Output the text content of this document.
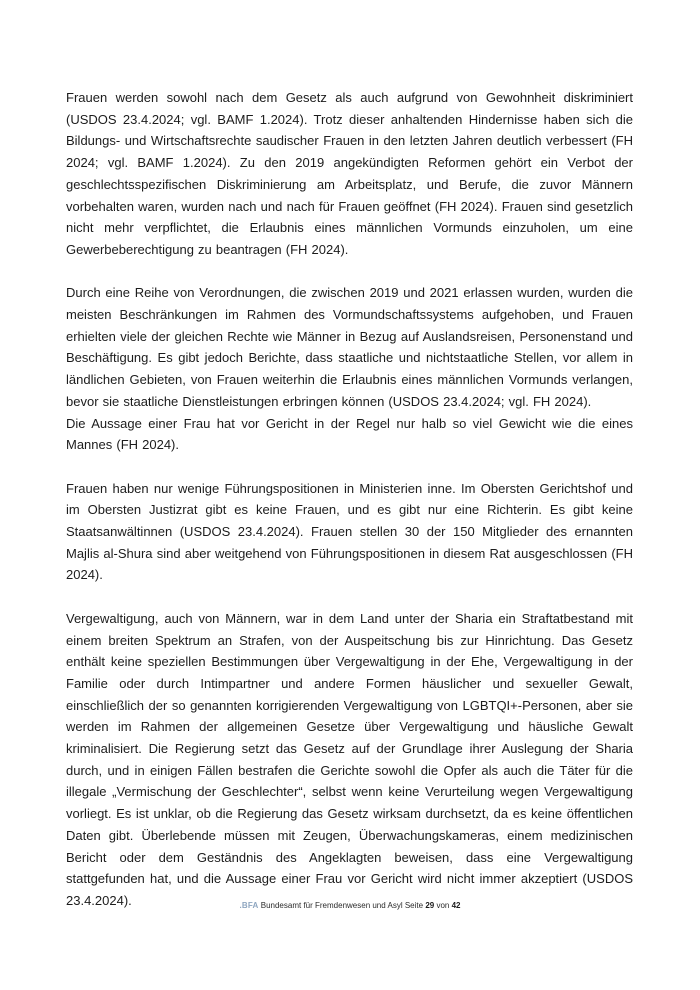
Frauen werden sowohl nach dem Gesetz als auch aufgrund von Gewohnheit diskriminiert (USDOS 23.4.2024; vgl. BAMF 1.2024). Trotz dieser anhaltenden Hindernisse haben sich die Bildungs- und Wirtschaftsrechte saudischer Frauen in den letzten Jahren deutlich verbessert (FH 2024; vgl. BAMF 1.2024). Zu den 2019 angekündigten Reformen gehört ein Verbot der geschlechtsspezifischen Diskriminierung am Arbeitsplatz, und Berufe, die zuvor Männern vorbehalten waren, wurden nach und nach für Frauen geöffnet (FH 2024). Frauen sind gesetzlich nicht mehr verpflichtet, die Erlaubnis eines männlichen Vormunds einzuholen, um eine Gewerbeberechtigung zu beantragen (FH 2024).

Durch eine Reihe von Verordnungen, die zwischen 2019 und 2021 erlassen wurden, wurden die meisten Beschränkungen im Rahmen des Vormundschaftssystems aufgehoben, und Frauen erhielten viele der gleichen Rechte wie Männer in Bezug auf Auslandsreisen, Personenstand und Beschäftigung. Es gibt jedoch Berichte, dass staatliche und nichtstaatliche Stellen, vor allem in ländlichen Gebieten, von Frauen weiterhin die Erlaubnis eines männlichen Vormunds verlangen, bevor sie staatliche Dienstleistungen erbringen können (USDOS 23.4.2024; vgl. FH 2024).

Die Aussage einer Frau hat vor Gericht in der Regel nur halb so viel Gewicht wie die eines Mannes (FH 2024).

Frauen haben nur wenige Führungspositionen in Ministerien inne. Im Obersten Gerichtshof und im Obersten Justizrat gibt es keine Frauen, und es gibt nur eine Richterin. Es gibt keine Staatsanwältinnen (USDOS 23.4.2024). Frauen stellen 30 der 150 Mitglieder des ernannten Majlis al-Shura sind aber weitgehend von Führungspositionen in diesem Rat ausgeschlossen (FH 2024).

Vergewaltigung, auch von Männern, war in dem Land unter der Sharia ein Straftatbestand mit einem breiten Spektrum an Strafen, von der Auspeitschung bis zur Hinrichtung. Das Gesetz enthält keine speziellen Bestimmungen über Vergewaltigung in der Ehe, Vergewaltigung in der Familie oder durch Intimpartner und andere Formen häuslicher und sexueller Gewalt, einschließlich der so genannten korrigierenden Vergewaltigung von LGBTQI+-Personen, aber sie werden im Rahmen der allgemeinen Gesetze über Vergewaltigung und häusliche Gewalt kriminalisiert. Die Regierung setzt das Gesetz auf der Grundlage ihrer Auslegung der Sharia durch, und in einigen Fällen bestrafen die Gerichte sowohl die Opfer als auch die Täter für die illegale „Vermischung der Geschlechter“, selbst wenn keine Verurteilung wegen Vergewaltigung vorliegt. Es ist unklar, ob die Regierung das Gesetz wirksam durchsetzt, da es keine öffentlichen Daten gibt. Überlebende müssen mit Zeugen, Überwachungskameras, einem medizinischen Bericht oder dem Geständnis des Angeklagten beweisen, dass eine Vergewaltigung stattgefunden hat, und die Aussage einer Frau vor Gericht wird nicht immer akzeptiert (USDOS 23.4.2024).	.BFA Bundesamt für Fremdenwesen und Asyl Seite 29 von 42
